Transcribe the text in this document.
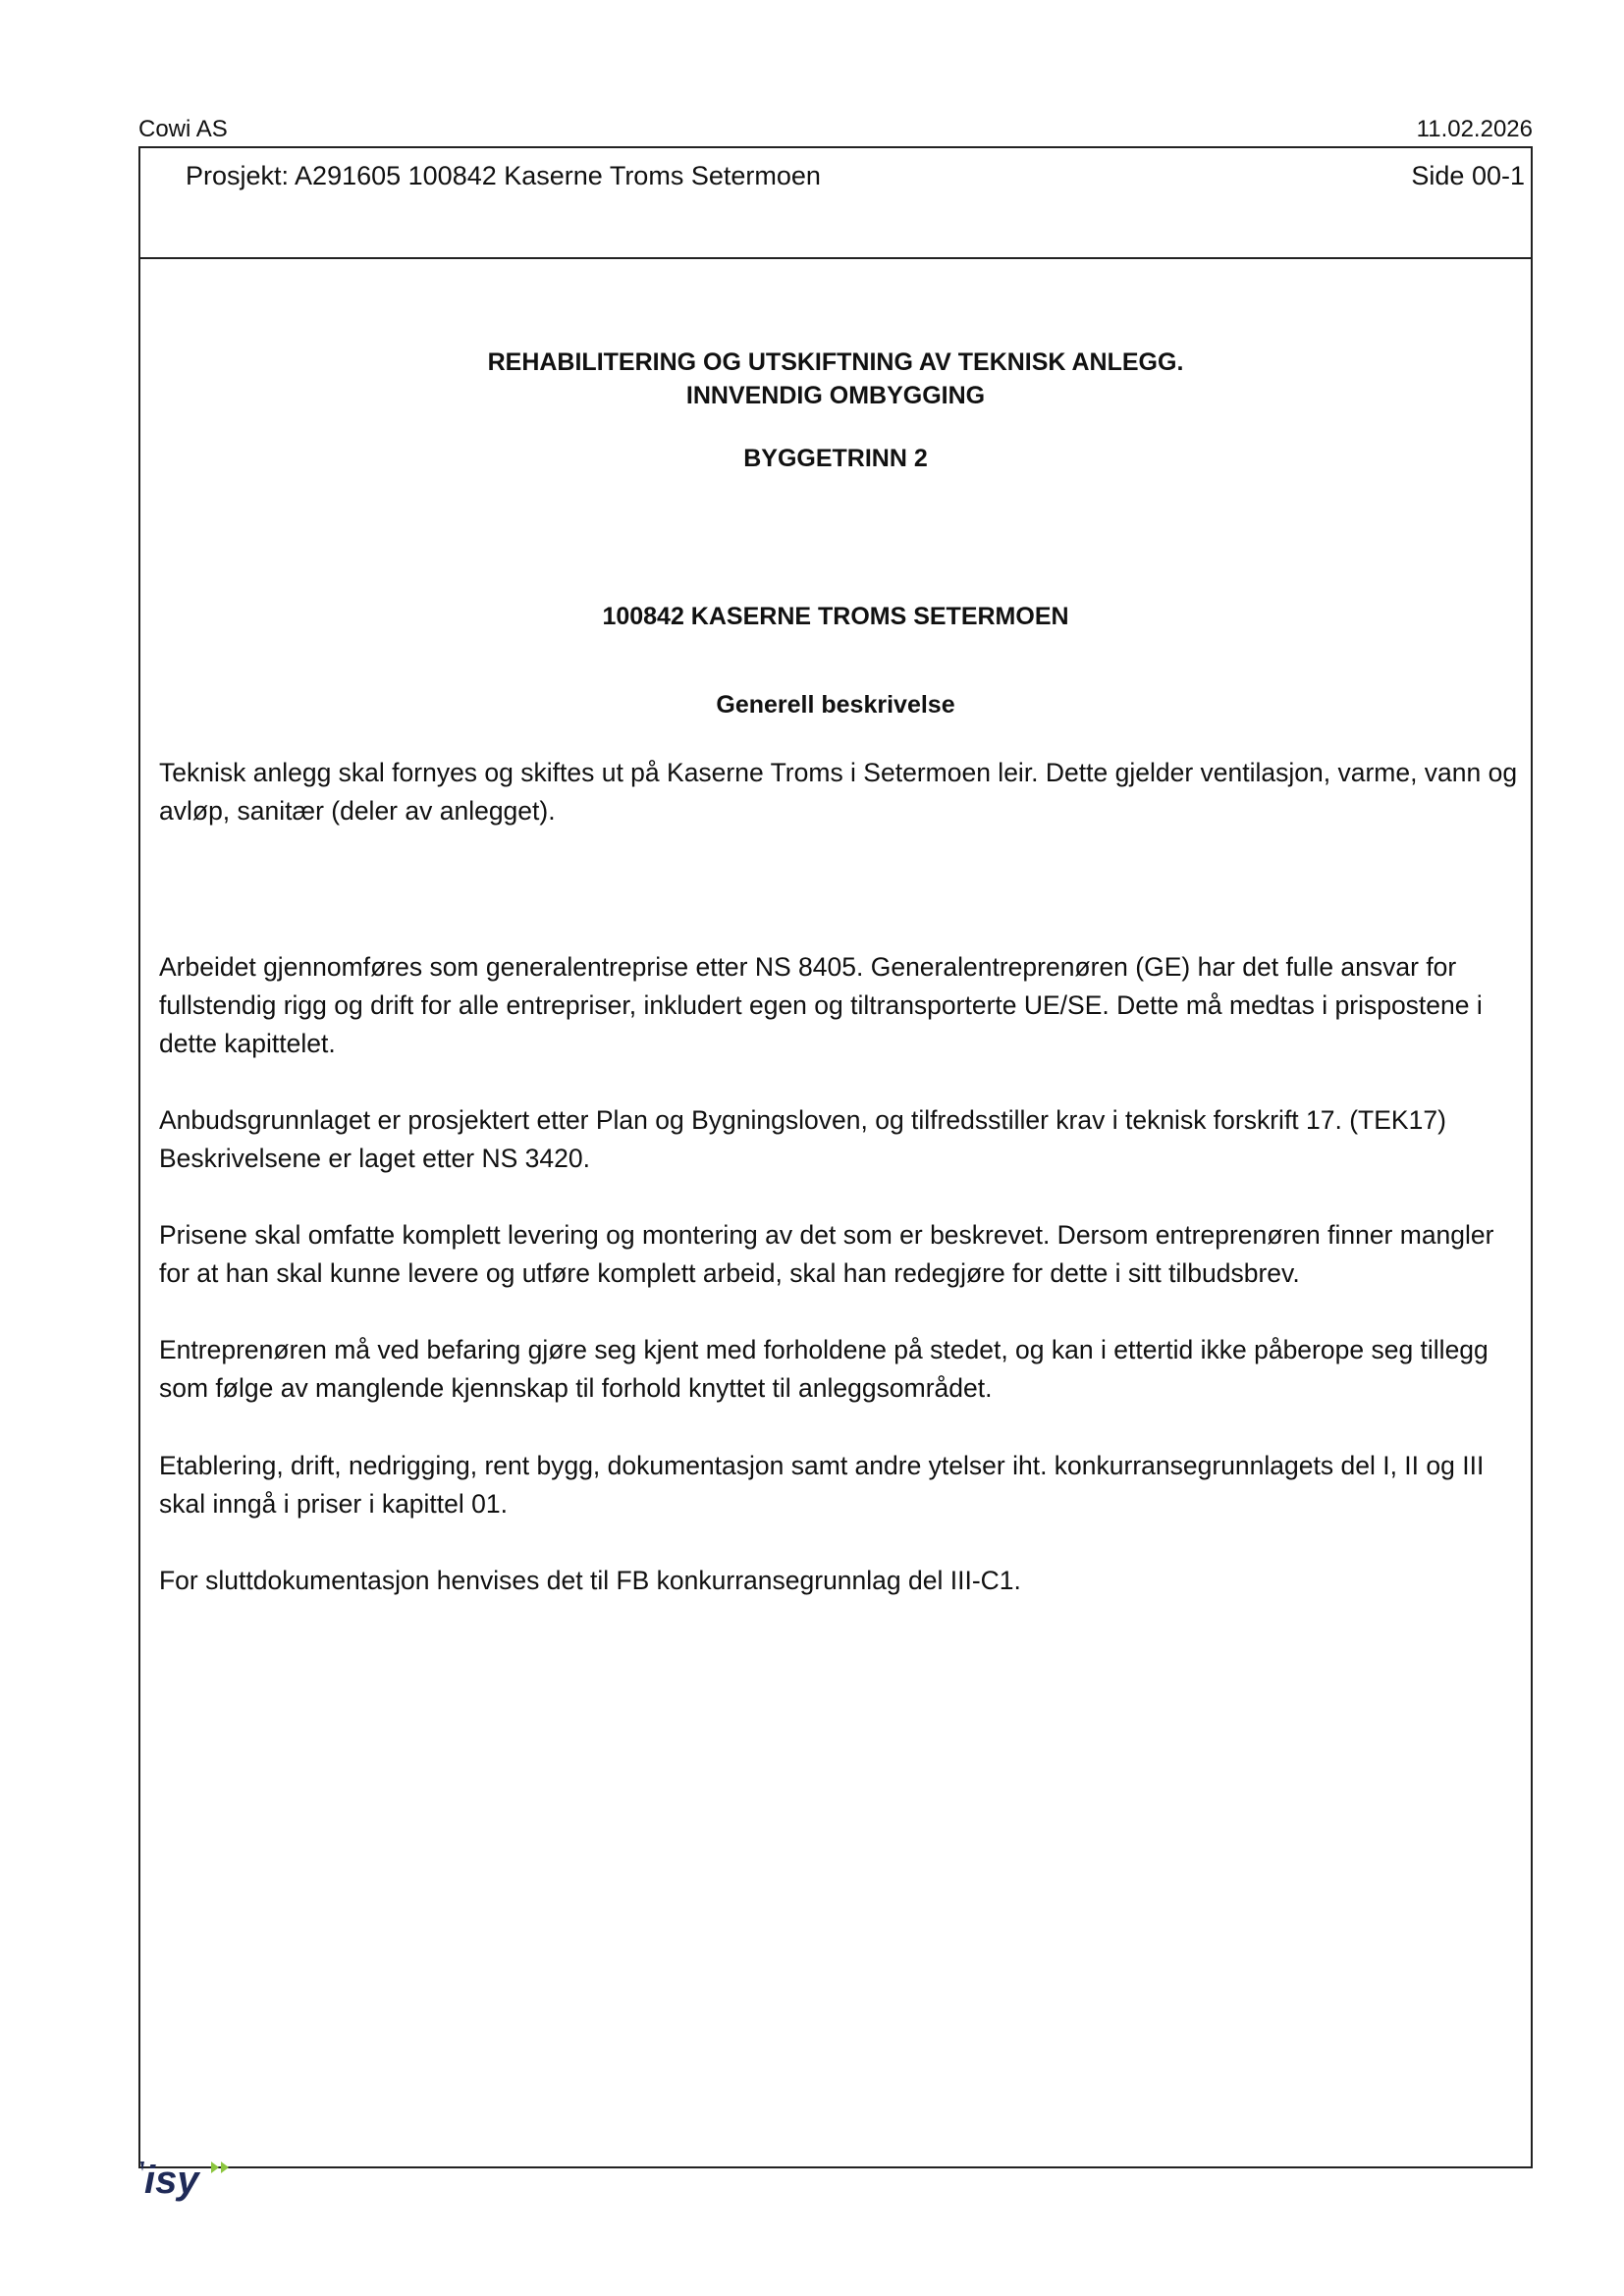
Cowi AS	11.02.2026
Prosjekt: A291605 100842 Kaserne Troms Setermoen	Side 00-1
REHABILITERING OG UTSKIFTNING AV TEKNISK ANLEGG.
INNVENDIG OMBYGGING
BYGGETRINN 2
100842 KASERNE TROMS SETERMOEN
Generell beskrivelse

Teknisk anlegg skal fornyes og skiftes ut på Kaserne Troms i Setermoen leir. Dette gjelder ventilasjon, varme, vann og avløp, sanitær (deler av anlegget).

Arbeidet gjennomføres som generalentreprise etter NS 8405. Generalentreprenøren (GE) har det fulle ansvar for fullstendig rigg og drift for alle entrepriser, inkludert egen og tiltransporterte UE/SE. Dette må medtas i prispostene i dette kapittelet.

Anbudsgrunnlaget er prosjektert etter Plan og Bygningsloven, og tilfredsstiller krav i teknisk forskrift 17. (TEK17) Beskrivelsene er laget etter NS 3420.

Prisene skal omfatte komplett levering og montering av det som er beskrevet. Dersom entreprenøren finner mangler for at han skal kunne levere og utføre komplett arbeid, skal han redegjøre for dette i sitt tilbudsbrev.

Entreprenøren må ved befaring gjøre seg kjent med forholdene på stedet, og kan i ettertid ikke påberope seg tillegg som følge av manglende kjennskap til forhold knyttet til anleggsområdet.

Etablering, drift, nedrigging, rent bygg, dokumentasjon samt andre ytelser iht. konkurransegrunnlagets del I, II og III skal inngå i priser i kapittel 01.

For sluttdokumentasjon henvises det til FB konkurransegrunnlag del III-C1.

isy
